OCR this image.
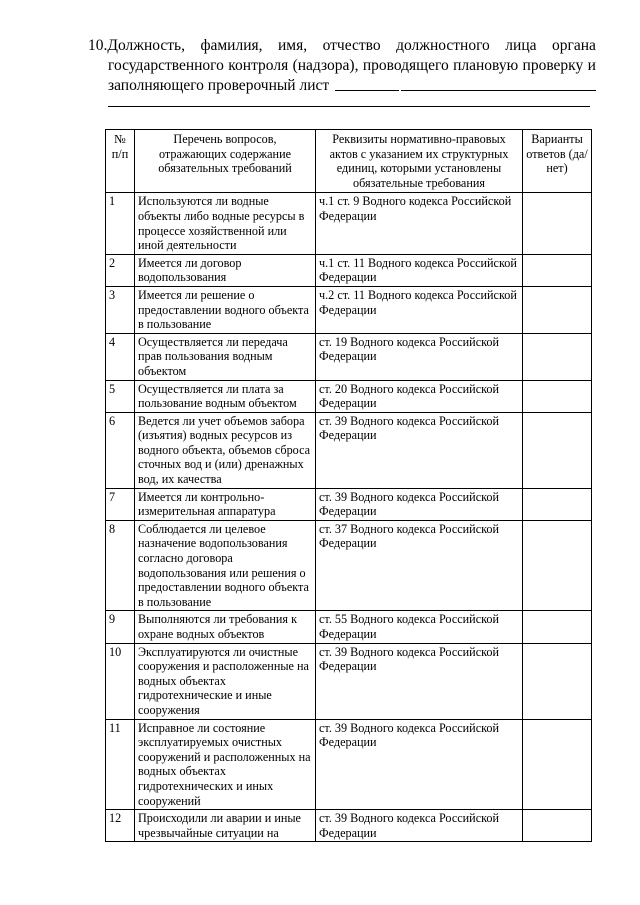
10.Должность, фамилия, имя, отчество должностного лица органа
государственного контроля (надзора), проводящего плановую проверку и
заполняющего проверочный лист
№ п/п	Перечень вопросов, отражающих содержание обязательных требований	Реквизиты нормативно-правовых актов с указанием их структурных единиц, которыми установлены обязательные требования	Варианты ответов (да/нет)
1	Используются ли водные объекты либо водные ресурсы в процессе хозяйственной или иной деятельности	ч.1 ст. 9 Водного кодекса Российской Федерации	
2	Имеется ли договор водопользования	ч.1 ст. 11 Водного кодекса Российской Федерации	
3	Имеется ли решение о предоставлении водного объекта в пользование	ч.2 ст. 11 Водного кодекса Российской Федерации	
4	Осуществляется ли передача прав пользования водным объектом	ст. 19 Водного кодекса Российской Федерации	
5	Осуществляется ли плата за пользование водным объектом	ст. 20 Водного кодекса Российской Федерации	
6	Ведется ли учет объемов забора (изъятия) водных ресурсов из водного объекта, объемов сброса сточных вод и (или) дренажных вод, их качества	ст. 39 Водного кодекса Российской Федерации	
7	Имеется ли контрольно-измерительная аппаратура	ст. 39 Водного кодекса Российской Федерации	
8	Соблюдается ли целевое назначение водопользования согласно договора водопользования или решения о предоставлении водного объекта в пользование	ст. 37 Водного кодекса Российской Федерации	
9	Выполняются ли требования к охране водных объектов	ст. 55 Водного кодекса Российской Федерации	
10	Эксплуатируются ли очистные сооружения и расположенные на водных объектах гидротехнические и иные сооружения	ст. 39 Водного кодекса Российской Федерации	
11	Исправное ли состояние эксплуатируемых очистных сооружений и расположенных на водных объектах гидротехнических и иных сооружений	ст. 39 Водного кодекса Российской Федерации	
12	Происходили ли аварии и иные чрезвычайные ситуации на	ст. 39 Водного кодекса Российской Федерации	
